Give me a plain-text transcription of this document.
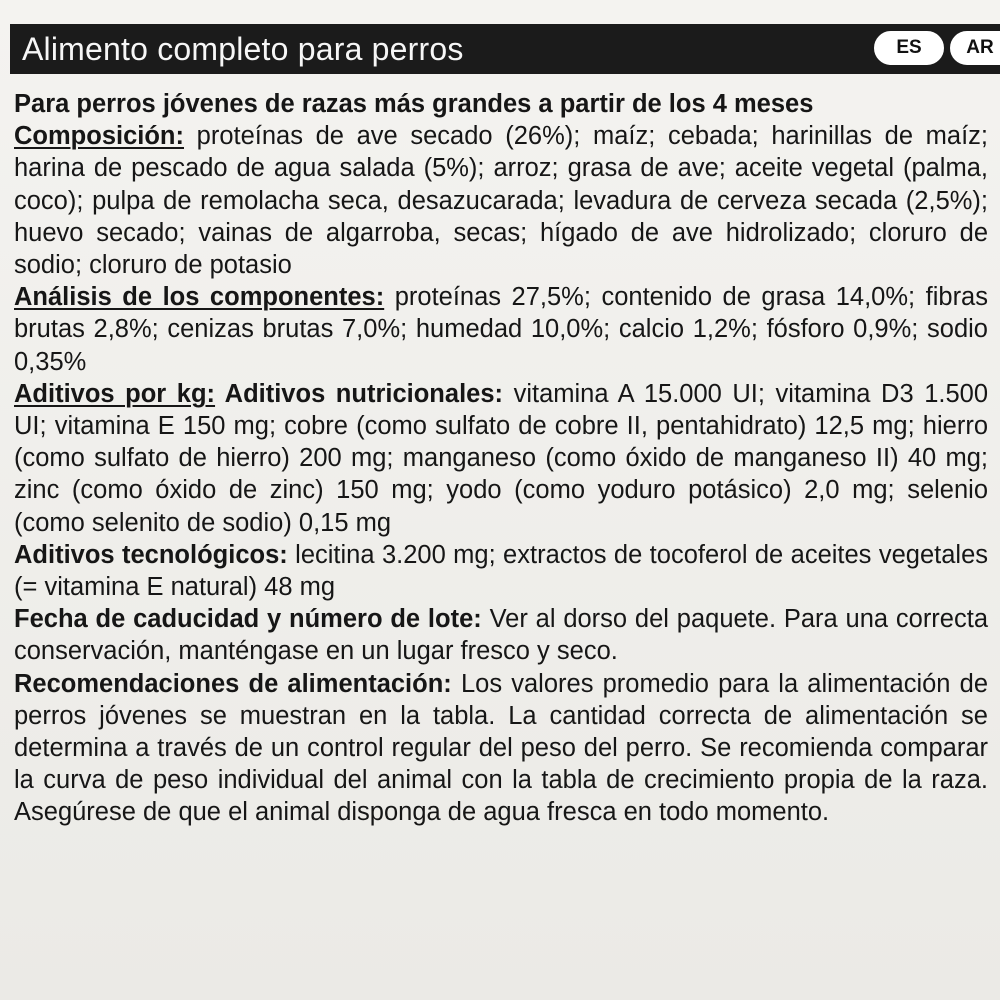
Alimento completo para perros	ES	AR

Para perros jóvenes de razas más grandes a partir de los 4 meses

Composición: proteínas de ave secado (26%); maíz; cebada; harinillas de maíz; harina de pescado de agua salada (5%); arroz; grasa de ave; aceite vegetal (palma, coco); pulpa de remolacha seca, desazucarada; levadura de cerveza secada (2,5%); huevo secado; vainas de algarroba, secas; hígado de ave hidrolizado; cloruro de sodio; cloruro de potasio

Análisis de los componentes: proteínas 27,5%; contenido de grasa 14,0%; fibras brutas 2,8%; cenizas brutas 7,0%; humedad 10,0%; calcio 1,2%; fósforo 0,9%; sodio 0,35%

Aditivos por kg: Aditivos nutricionales: vitamina A 15.000 UI; vitamina D3 1.500 UI; vitamina E 150 mg; cobre (como sulfato de cobre II, pentahidrato) 12,5 mg; hierro (como sulfato de hierro) 200 mg; manganeso (como óxido de manganeso II) 40 mg; zinc (como óxido de zinc) 150 mg; yodo (como yoduro potásico) 2,0 mg; selenio (como selenito de sodio) 0,15 mg

Aditivos tecnológicos: lecitina 3.200 mg; extractos de tocoferol de aceites vegetales (= vitamina E natural) 48 mg

Fecha de caducidad y número de lote: Ver al dorso del paquete. Para una correcta conservación, manténgase en un lugar fresco y seco.

Recomendaciones de alimentación: Los valores promedio para la alimentación de perros jóvenes se muestran en la tabla. La cantidad correcta de alimentación se determina a través de un control regular del peso del perro. Se recomienda comparar la curva de peso individual del animal con la tabla de crecimiento propia de la raza. Asegúrese de que el animal disponga de agua fresca en todo momento.
